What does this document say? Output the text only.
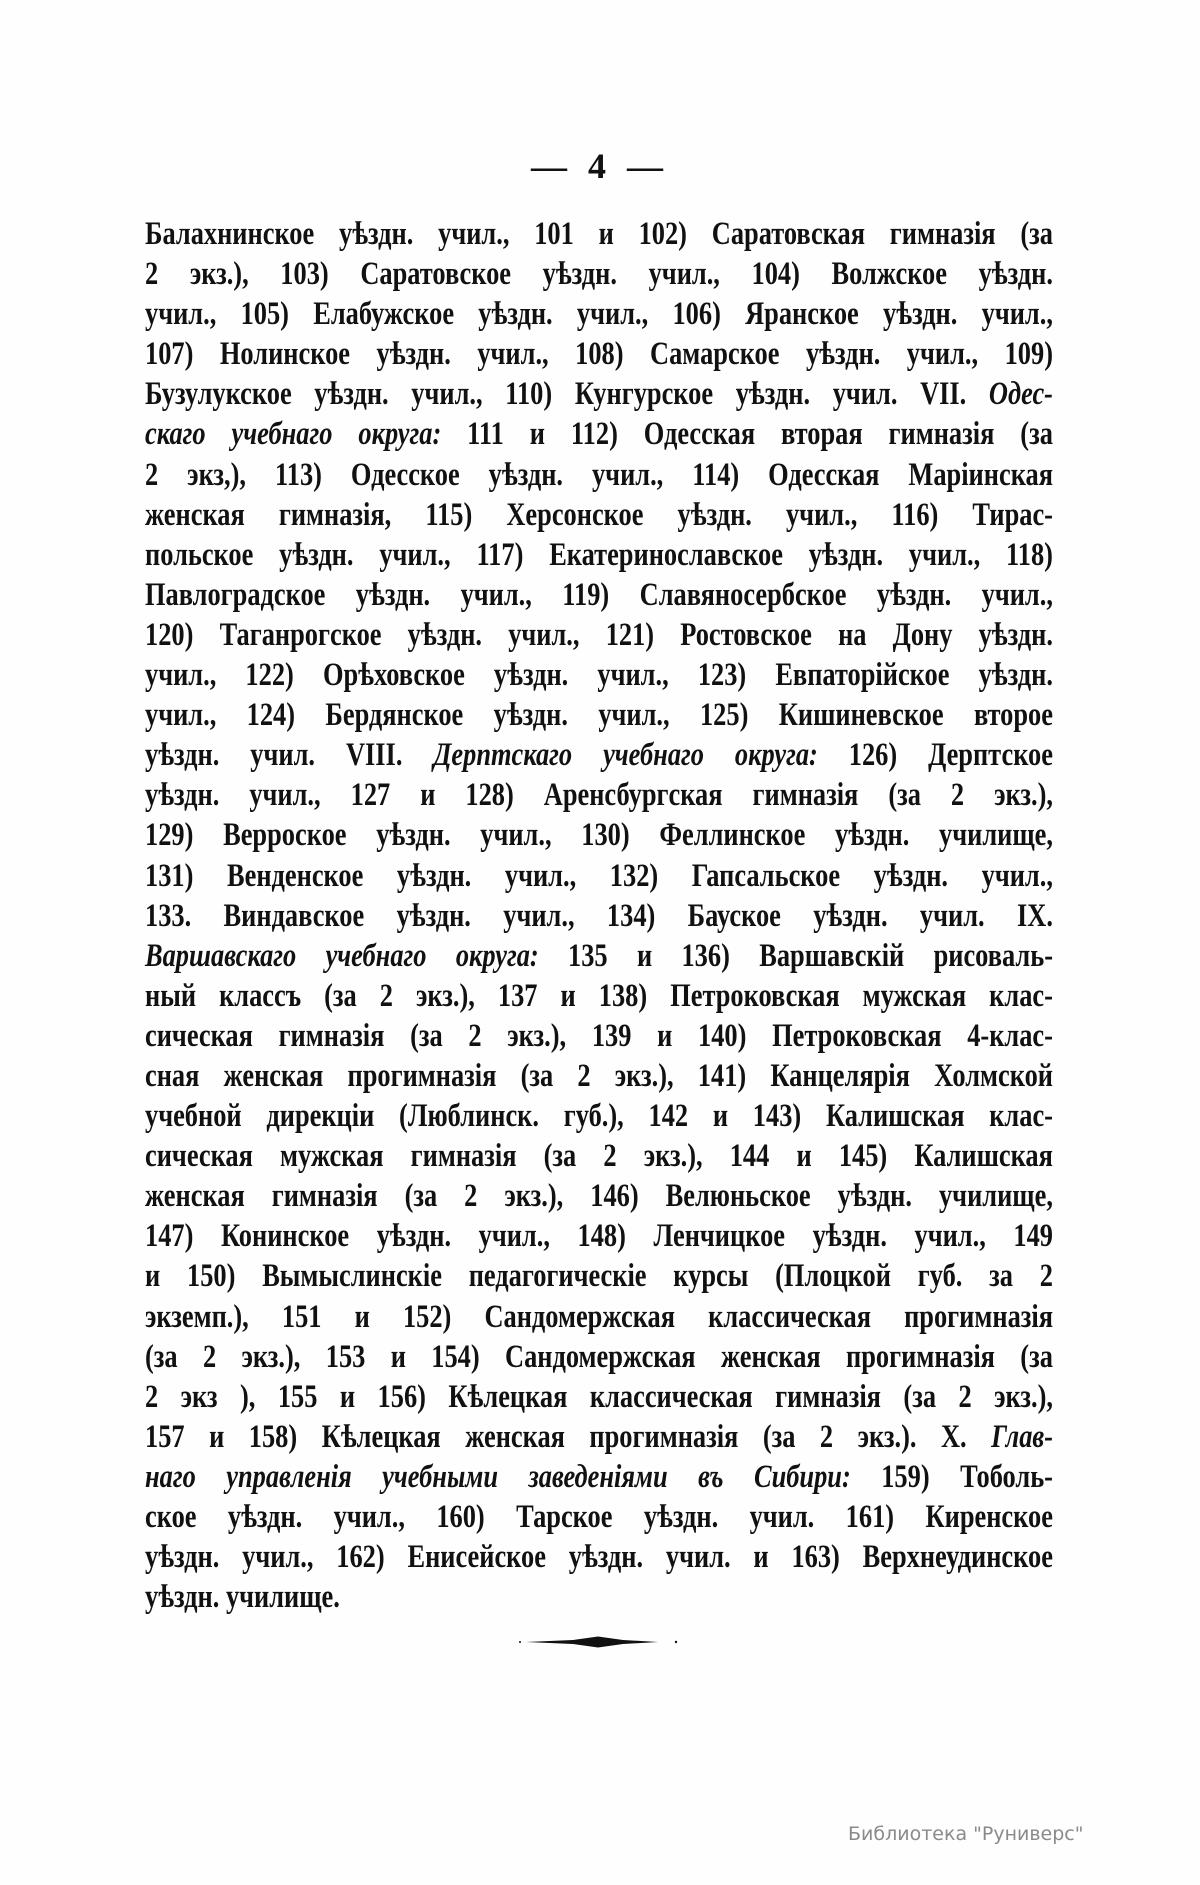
— 4 —
Балахнинское уѣздн. учил., 101 и 102) Саратовская гимназія (за
2 экз.), 103) Саратовское уѣздн. учил., 104) Волжское уѣздн.
учил., 105) Елабужское уѣздн. учил., 106) Яранское уѣздн. учил.,
107) Нолинское уѣздн. учил., 108) Самарское уѣздн. учил., 109)
Бузулукское уѣздн. учил., 110) Кунгурское уѣздн. учил. VII. Одес-
скаго учебнаго округа: 111 и 112) Одесская вторая гимназія (за
2 экз,), 113) Одесское уѣздн. учил., 114) Одесская Маріинская
женская гимназія, 115) Херсонское уѣздн. учил., 116) Тирас-
польское уѣздн. учил., 117) Екатеринославское уѣздн. учил., 118)
Павлоградское уѣздн. учил., 119) Славяносербское уѣздн. учил.,
120) Таганрогское уѣздн. учил., 121) Ростовское на Дону уѣздн.
учил., 122) Орѣховское уѣздн. учил., 123) Евпаторійское уѣздн.
учил., 124) Бердянское уѣздн. учил., 125) Кишиневское второе
уѣздн. учил. VIII. Дерптскаго учебнаго округа: 126) Дерптское
уѣздн. учил., 127 и 128) Аренсбургская гимназія (за 2 экз.),
129) Верроское уѣздн. учил., 130) Феллинское уѣздн. училище,
131) Венденское уѣздн. учил., 132) Гапсальское уѣздн. учил.,
133. Виндавское уѣздн. учил., 134) Бауское уѣздн. учил. IX.
Варшавскаго учебнаго округа: 135 и 136) Варшавскій рисоваль-
ный классъ (за 2 экз.), 137 и 138) Петроковская мужская клас-
сическая гимназія (за 2 экз.), 139 и 140) Петроковская 4-клас-
сная женская прогимназія (за 2 экз.), 141) Канцелярія Холмской
учебной дирекціи (Люблинск. губ.), 142 и 143) Калишская клас-
сическая мужская гимназія (за 2 экз.), 144 и 145) Калишская
женская гимназія (за 2 экз.), 146) Велюньское уѣздн. училище,
147) Конинское уѣздн. учил., 148) Ленчицкое уѣздн. учил., 149
и 150) Вымыслинскіе педагогическіе курсы (Плоцкой губ. за 2
экземп.), 151 и 152) Сандомержская классическая прогимназія
(за 2 экз.), 153 и 154) Сандомержская женская прогимназія (за
2 экз ), 155 и 156) Кѣлецкая классическая гимназія (за 2 экз.),
157 и 158) Кѣлецкая женская прогимназія (за 2 экз.). X. Глав-
наго управленія учебными заведеніями въ Сибири: 159) Тоболь-
ское уѣздн. учил., 160) Тарское уѣздн. учил. 161) Киренское
уѣздн. учил., 162) Енисейское уѣздн. учил. и 163) Верхнеудинское
уѣздн. училище.
Библиотека "Руниверс"
